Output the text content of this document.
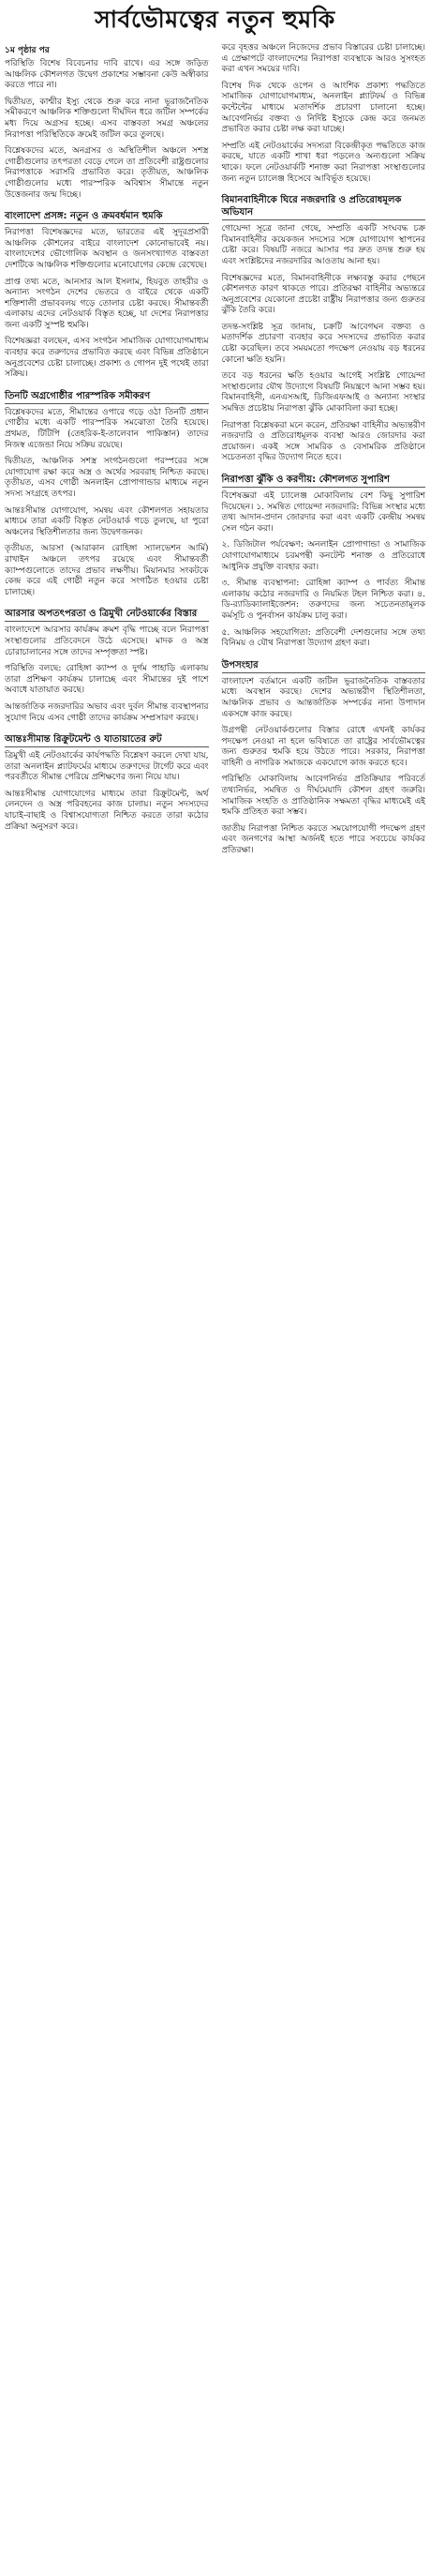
সার্বভৌমত্বের নতুন হুমকি
১ম পৃষ্ঠার পর

পরিস্থিতি বিশেষ বিবেচনার দাবি রাখে। এর সঙ্গে জড়িত আঞ্চলিক কৌশলগত উদ্বেগ প্রকাশের সম্ভাবনা কেউ অস্বীকার করতে পারে না।

দ্বিতীয়ত, কাশ্মীর ইস্যু থেকে শুরু করে নানা ভূরাজনৈতিক সমীকরণে আঞ্চলিক শক্তিগুলো দীর্ঘদিন ধরে জটিল সম্পর্কের মধ্য দিয়ে অগ্রসর হচ্ছে। এসব বাস্তবতা সমগ্র অঞ্চলের নিরাপত্তা পরিস্থিতিকে ক্রমেই জটিল করে তুলছে।

বিশ্লেষকদের মতে, অনগ্রসর ও অস্থিতিশীল অঞ্চলে সশস্ত্র গোষ্ঠীগুলোর তৎপরতা বেড়ে গেলে তা প্রতিবেশী রাষ্ট্রগুলোর নিরাপত্তাকে সরাসরি প্রভাবিত করে। তৃতীয়ত, আঞ্চলিক গোষ্ঠীগুলোর মধ্যে পারস্পরিক অবিশ্বাস সীমান্তে নতুন উত্তেজনার জন্ম দিচ্ছে।

বাংলাদেশ প্রসঙ্গ: নতুন ও ক্রমবর্ধমান হুমকি

নিরাপত্তা বিশেষজ্ঞদের মতে, ভারতের এই সুদূরপ্রসারী আঞ্চলিক কৌশলের বাইরে বাংলাদেশ কোনোভাবেই নয়। বাংলাদেশের ভৌগোলিক অবস্থান ও জনসংখ্যাগত বাস্তবতা দেশটিকে আঞ্চলিক শক্তিগুলোর মনোযোগের কেন্দ্রে রেখেছে।

প্রাপ্ত তথ্য মতে, আনসার আল ইসলাম, হিযবুত তাহরীর ও অন্যান্য সংগঠন দেশের ভেতরে ও বাইরে থেকে একটি শক্তিশালী প্রভাববলয় গড়ে তোলার চেষ্টা করছে। সীমান্তবর্তী এলাকায় এদের নেটওয়ার্ক বিস্তৃত হচ্ছে, যা দেশের নিরাপত্তার জন্য একটি সুস্পষ্ট হুমকি।

বিশেষজ্ঞরা বলছেন, এসব সংগঠন সামাজিক যোগাযোগমাধ্যম ব্যবহার করে তরুণদের প্রভাবিত করছে এবং বিভিন্ন প্রতিষ্ঠানে অনুপ্রবেশের চেষ্টা চালাচ্ছে। প্রকাশ্য ও গোপন দুই পথেই তারা সক্রিয়।

তিনটি অগ্রগোষ্ঠীর পারস্পরিক সমীকরণ

বিশ্লেষকদের মতে, সীমান্তের ওপারে গড়ে ওঠা তিনটি প্রধান গোষ্ঠীর মধ্যে একটি পারস্পরিক সমঝোতা তৈরি হয়েছে। প্রথমত, টিটিপি (তেহরিক-ই-তালেবান পাকিস্তান) তাদের নিজস্ব এজেন্ডা নিয়ে সক্রিয় রয়েছে।

দ্বিতীয়ত, আঞ্চলিক সশস্ত্র সংগঠনগুলো পরস্পরের সঙ্গে যোগাযোগ রক্ষা করে অস্ত্র ও অর্থের সরবরাহ নিশ্চিত করছে। তৃতীয়ত, এসব গোষ্ঠী অনলাইন প্রোপাগান্ডার মাধ্যমে নতুন সদস্য সংগ্রহে তৎপর।

আন্তঃসীমান্ত যোগাযোগ, সমন্বয় এবং কৌশলগত সহায়তার মাধ্যমে তারা একটি বিস্তৃত নেটওয়ার্ক গড়ে তুলছে, যা পুরো অঞ্চলের স্থিতিশীলতার জন্য উদ্বেগজনক।

তৃতীয়ত, আরসা (আরাকান রোহিঙ্গা স্যালভেশন আর্মি) রাখাইন অঞ্চলে তৎপর রয়েছে এবং সীমান্তবর্তী ক্যাম্পগুলোতে তাদের প্রভাব লক্ষণীয়। মিয়ানমার সংকটকে কেন্দ্র করে এই গোষ্ঠী নতুন করে সংগঠিত হওয়ার চেষ্টা চালাচ্ছে।

আরসার অপতৎপরতা ও ত্রিমুখী নেটওয়ার্কের বিস্তার

বাংলাদেশে আরসার কার্যক্রম ক্রমশ বৃদ্ধি পাচ্ছে বলে নিরাপত্তা সংস্থাগুলোর প্রতিবেদনে উঠে এসেছে। মাদক ও অস্ত্র চোরাচালানের সঙ্গে তাদের সম্পৃক্ততা স্পষ্ট।

পরিস্থিতি বলছে: রোহিঙ্গা ক্যাম্প ও দুর্গম পাহাড়ি এলাকায় তারা প্রশিক্ষণ কার্যক্রম চালাচ্ছে এবং সীমান্তের দুই পাশে অবাধে যাতায়াত করছে।

আন্তর্জাতিক নজরদারির অভাব এবং দুর্বল সীমান্ত ব্যবস্থাপনার সুযোগ নিয়ে এসব গোষ্ঠী তাদের কার্যক্রম সম্প্রসারণ করছে।

আন্তঃসীমান্ত রিক্রুটমেন্ট ও যাতায়াতের রুট

ত্রিমুখী এই নেটওয়ার্কের কার্যপদ্ধতি বিশ্লেষণ করলে দেখা যায়, তারা অনলাইন প্ল্যাটফর্মের মাধ্যমে তরুণদের টার্গেট করে এবং পরবর্তীতে সীমান্ত পেরিয়ে প্রশিক্ষণের জন্য নিয়ে যায়।

আন্তঃসীমান্ত যোগাযোগের মাধ্যমে তারা রিক্রুটমেন্ট, অর্থ লেনদেন ও অস্ত্র পরিবহনের কাজ চালায়। নতুন সদস্যদের যাচাই-বাছাই ও বিশ্বাসযোগ্যতা নিশ্চিত করতে তারা কঠোর প্রক্রিয়া অনুসরণ করে।

করে বৃহত্তর অঞ্চলে নিজেদের প্রভাব বিস্তারের চেষ্টা চালাচ্ছে। এ প্রেক্ষাপটে বাংলাদেশের নিরাপত্তা ব্যবস্থাকে আরও সুসংহত করা এখন সময়ের দাবি।

বিশেষ দিক থেকে ওপেন ও আংশিক প্রকাশ্য পদ্ধতিতে সামাজিক যোগাযোগমাধ্যম, অনলাইন প্ল্যাটফর্ম ও বিভিন্ন কন্টেন্টের মাধ্যমে মতাদর্শিক প্রচারণা চালানো হচ্ছে। আবেগনির্ভর বক্তব্য ও নির্দিষ্ট ইস্যুকে কেন্দ্র করে জনমত প্রভাবিত করার চেষ্টা লক্ষ করা যাচ্ছে।

সম্প্রতি এই নেটওয়ার্কের সদস্যরা বিকেন্দ্রীকৃত পদ্ধতিতে কাজ করছে, যাতে একটি শাখা ধরা পড়লেও অন্যগুলো সক্রিয় থাকে। ফলে নেটওয়ার্কটি শনাক্ত করা নিরাপত্তা সংস্থাগুলোর জন্য নতুন চ্যালেঞ্জ হিসেবে আবির্ভূত হয়েছে।

বিমানবাহিনীকে ঘিরে নজরদারি ও প্রতিরোধমূলক অভিযান

গোয়েন্দা সূত্রে জানা গেছে, সম্প্রতি একটি সংঘবদ্ধ চক্র বিমানবাহিনীর কয়েকজন সদস্যের সঙ্গে যোগাযোগ স্থাপনের চেষ্টা করে। বিষয়টি নজরে আসার পর দ্রুত তদন্ত শুরু হয় এবং সংশ্লিষ্টদের নজরদারির আওতায় আনা হয়।

বিশেষজ্ঞদের মতে, বিমানবাহিনীকে লক্ষ্যবস্তু করার পেছনে কৌশলগত কারণ থাকতে পারে। প্রতিরক্ষা বাহিনীর অভ্যন্তরে অনুপ্রবেশের যেকোনো প্রচেষ্টা রাষ্ট্রীয় নিরাপত্তার জন্য গুরুতর ঝুঁকি তৈরি করে।

তদন্ত-সংশ্লিষ্ট সূত্র জানায়, চক্রটি আবেগঘন বক্তব্য ও মতাদর্শিক প্রচারণা ব্যবহার করে সদস্যদের প্রভাবিত করার চেষ্টা করেছিল। তবে সময়মতো পদক্ষেপ নেওয়ায় বড় ধরনের কোনো ক্ষতি হয়নি।

তবে বড় ধরনের ক্ষতি হওয়ার আগেই সংশ্লিষ্ট গোয়েন্দা সংস্থাগুলোর যৌথ উদ্যোগে বিষয়টি নিয়ন্ত্রণে আনা সম্ভব হয়। বিমানবাহিনী, এনএসআই, ডিজিএফআই ও অন্যান্য সংস্থার সমন্বিত প্রচেষ্টায় নিরাপত্তা ঝুঁকি মোকাবিলা করা হচ্ছে।

নিরাপত্তা বিশ্লেষকরা মনে করেন, প্রতিরক্ষা বাহিনীর অভ্যন্তরীণ নজরদারি ও প্রতিরোধমূলক ব্যবস্থা আরও জোরদার করা প্রয়োজন। একই সঙ্গে সামরিক ও বেসামরিক প্রতিষ্ঠানে সচেতনতা বৃদ্ধির উদ্যোগ নিতে হবে।

নিরাপত্তা ঝুঁকি ও করণীয়: কৌশলগত সুপারিশ

বিশেষজ্ঞরা এই চ্যালেঞ্জ মোকাবিলায় বেশ কিছু সুপারিশ দিয়েছেন। ১. সমন্বিত গোয়েন্দা নজরদারি: বিভিন্ন সংস্থার মধ্যে তথ্য আদান-প্রদান জোরদার করা এবং একটি কেন্দ্রীয় সমন্বয় সেল গঠন করা।

২. ডিজিটাল পর্যবেক্ষণ: অনলাইন প্রোপাগান্ডা ও সামাজিক যোগাযোগমাধ্যমে চরমপন্থী কনটেন্ট শনাক্ত ও প্রতিরোধে আধুনিক প্রযুক্তি ব্যবহার করা।

৩. সীমান্ত ব্যবস্থাপনা: রোহিঙ্গা ক্যাম্প ও পার্বত্য সীমান্ত এলাকায় কঠোর নজরদারি ও নিয়মিত টহল নিশ্চিত করা। ৪. ডি-র‍্যাডিক্যালাইজেশন: তরুণদের জন্য সচেতনতামূলক কর্মসূচি ও পুনর্বাসন কার্যক্রম চালু করা।

৫. আঞ্চলিক সহযোগিতা: প্রতিবেশী দেশগুলোর সঙ্গে তথ্য বিনিময় ও যৌথ নিরাপত্তা উদ্যোগ গ্রহণ করা।

উপসংহার

বাংলাদেশ বর্তমানে একটি জটিল ভূরাজনৈতিক বাস্তবতার মধ্যে অবস্থান করছে। দেশের অভ্যন্তরীণ স্থিতিশীলতা, আঞ্চলিক প্রভাব ও আন্তর্জাতিক সম্পর্কের নানা উপাদান একসঙ্গে কাজ করছে।

উগ্রপন্থী নেটওয়ার্কগুলোর বিস্তার রোধে এখনই কার্যকর পদক্ষেপ নেওয়া না হলে ভবিষ্যতে তা রাষ্ট্রের সার্বভৌমত্বের জন্য গুরুতর হুমকি হয়ে উঠতে পারে। সরকার, নিরাপত্তা বাহিনী ও নাগরিক সমাজকে একযোগে কাজ করতে হবে।

পরিস্থিতি মোকাবিলায় আবেগনির্ভর প্রতিক্রিয়ার পরিবর্তে তথ্যনির্ভর, সমন্বিত ও দীর্ঘমেয়াদি কৌশল গ্রহণ জরুরি। সামাজিক সংহতি ও প্রাতিষ্ঠানিক সক্ষমতা বৃদ্ধির মাধ্যমেই এই হুমকি প্রতিহত করা সম্ভব।

জাতীয় নিরাপত্তা নিশ্চিত করতে সময়োপযোগী পদক্ষেপ গ্রহণ এবং জনগণের আস্থা অর্জনই হতে পারে সবচেয়ে কার্যকর প্রতিরক্ষা।
